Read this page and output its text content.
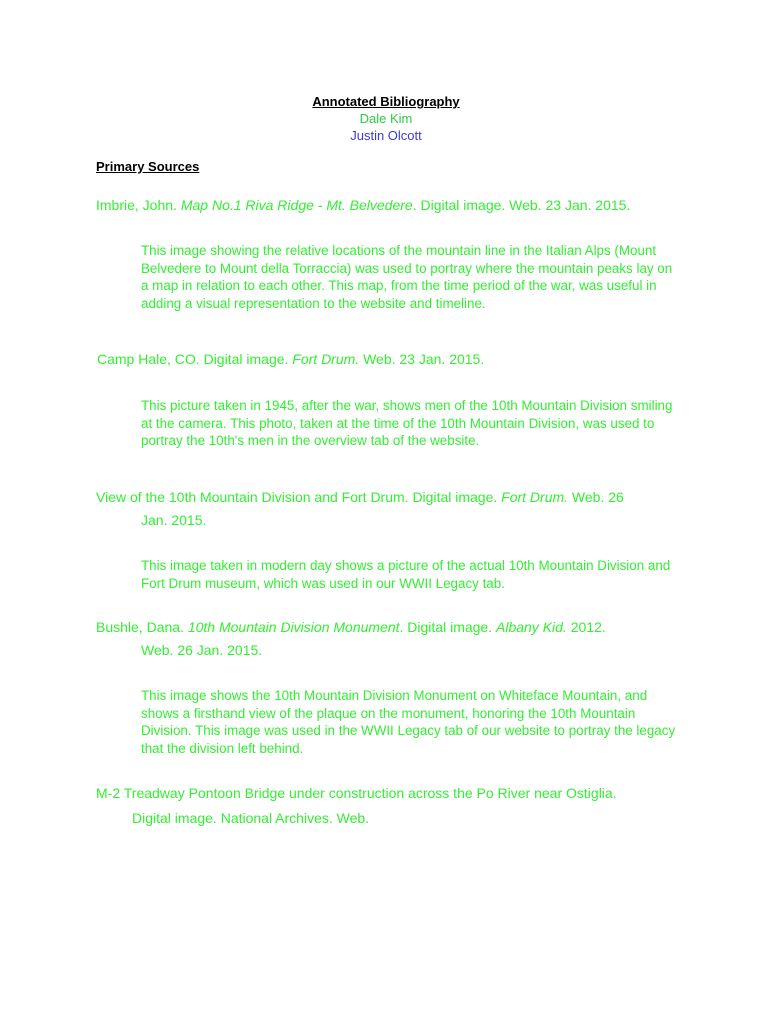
Annotated Bibliography
Dale Kim
Justin Olcott
Primary Sources
Imbrie, John. Map No.1 Riva Ridge - Mt. Belvedere. Digital image. Web. 23 Jan. 2015.
This image showing the relative locations of the mountain line in the Italian Alps (Mount Belvedere to Mount della Torraccia) was used to portray where the mountain peaks lay on a map in relation to each other. This map, from the time period of the war, was useful in adding a visual representation to the website and timeline.
Camp Hale, CO. Digital image. Fort Drum. Web. 23 Jan. 2015.
This picture taken in 1945, after the war, shows men of the 10th Mountain Division smiling at the camera. This photo, taken at the time of the 10th Mountain Division, was used to portray the 10th's men in the overview tab of the website.
View of the 10th Mountain Division and Fort Drum. Digital image. Fort Drum. Web. 26
Jan. 2015.
This image taken in modern day shows a picture of the actual 10th Mountain Division and Fort Drum museum, which was used in our WWII Legacy tab.
Bushle, Dana. 10th Mountain Division Monument. Digital image. Albany Kid. 2012.
Web. 26 Jan. 2015.
This image shows the 10th Mountain Division Monument on Whiteface Mountain, and shows a firsthand view of the plaque on the monument, honoring the 10th Mountain Division. This image was used in the WWII Legacy tab of our website to portray the legacy that the division left behind.
M-2 Treadway Pontoon Bridge under construction across the Po River near Ostiglia.
Digital image. National Archives. Web.
